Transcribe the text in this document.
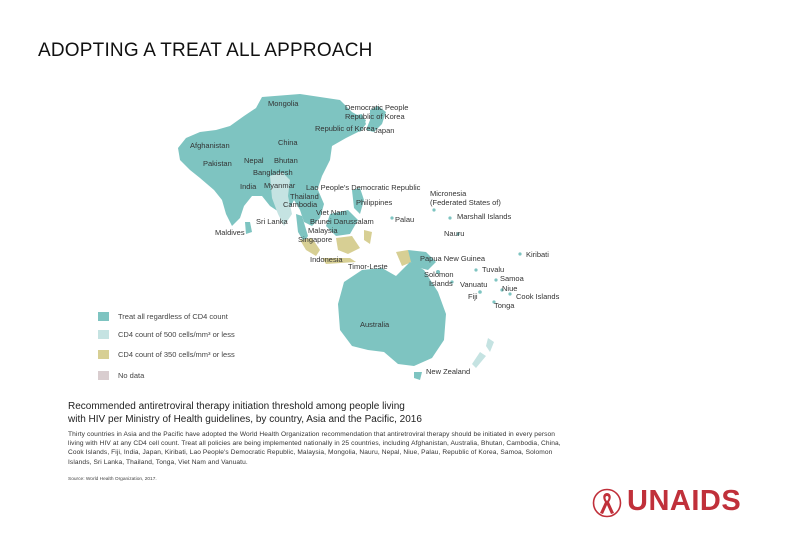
ADOPTING A TREAT ALL APPROACH
Mongolia	Democratic People
Republic of Korea
Republic of Korea Japan
Afghanistan	China
Nepal Bhutan
Pakistan
Bangladesh
India Myanmar Lao People's Democratic Republic
Thailand
Cambodia	Philippines
Micronesia
(Federated States of)
Marshall Islands
Viet Nam
Palau
Brunei Darussalam
Sri Lanka
Malaysia	Nauru
Maldives
Singapore
Kiribati
Indonesia	Papua New Guinea
Timor-Leste	Tuvalu
Solomon
Islands Vanuatu
Samoa
Fiji
Niue
Cook Islands
Tonga
Australia
New Zealand
Treat all regardless of CD4 count
CD4 count of 500 cells/mm³ or less
CD4 count of 350 cells/mm³ or less
No data
Recommended antiretroviral therapy initiation threshold among people living
with HIV per Ministry of Health guidelines, by country, Asia and the Pacific, 2016
Thirty countries in Asia and the Pacific have adopted the World Health Organization recommendation that antiretroviral therapy should be initiated in every person living with HIV at any CD4 cell count. Treat all policies are being implemented nationally in 25 countries, including Afghanistan, Australia, Bhutan, Cambodia, China, Cook Islands, Fiji, India, Japan, Kiribati, Lao People's Democratic Republic, Malaysia, Mongolia, Nauru, Nepal, Niue, Palau, Republic of Korea, Samoa, Solomon Islands, Sri Lanka, Thailand, Tonga, Viet Nam and Vanuatu.
Source: World Health Organization, 2017.
UNAIDS
